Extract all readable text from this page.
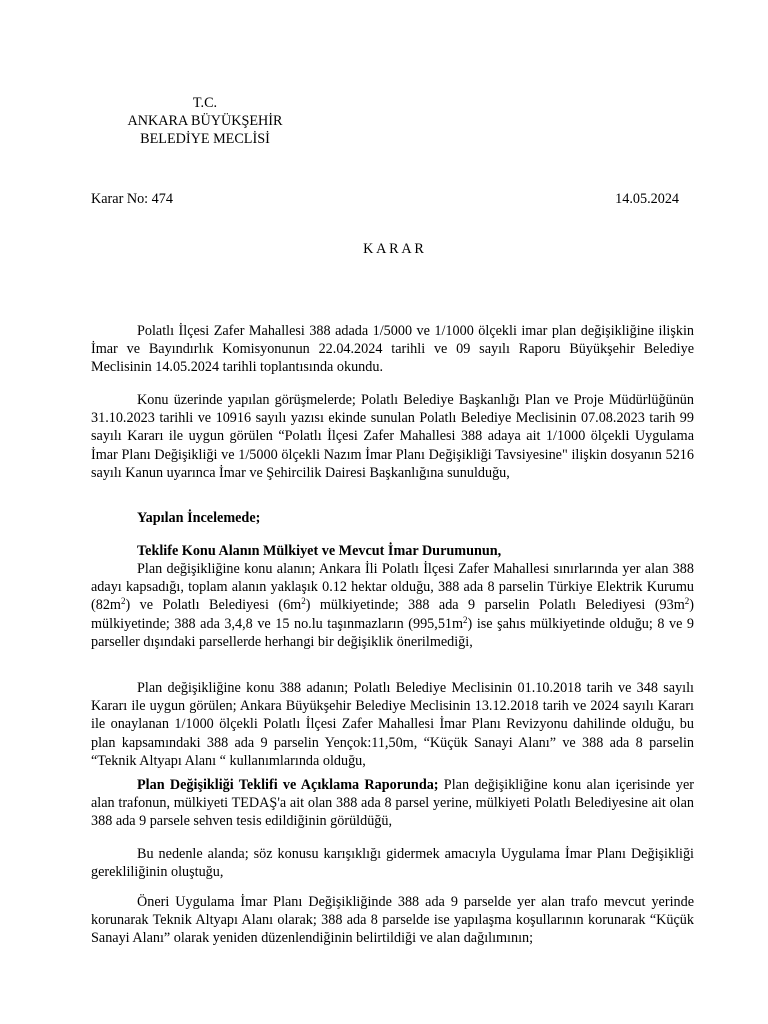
T.C.
ANKARA BÜYÜKŞEHİR
BELEDİYE MECLİSİ
Karar No: 474	14.05.2024
K A R A R
Polatlı İlçesi Zafer Mahallesi 388 adada 1/5000 ve 1/1000 ölçekli imar plan değişikliğine ilişkin İmar ve Bayındırlık Komisyonunun 22.04.2024 tarihli ve 09 sayılı Raporu Büyükşehir Belediye Meclisinin 14.05.2024 tarihli toplantısında okundu.
Konu üzerinde yapılan görüşmelerde; Polatlı Belediye Başkanlığı Plan ve Proje Müdürlüğünün 31.10.2023 tarihli ve 10916 sayılı yazısı ekinde sunulan Polatlı Belediye Meclisinin 07.08.2023 tarih 99 sayılı Kararı ile uygun görülen “Polatlı İlçesi Zafer Mahallesi 388 adaya ait 1/1000 ölçekli Uygulama İmar Planı Değişikliği ve 1/5000 ölçekli Nazım İmar Planı Değişikliği Tavsiyesine" ilişkin dosyanın 5216 sayılı Kanun uyarınca İmar ve Şehircilik Dairesi Başkanlığına sunulduğu,
Yapılan İncelemede;
Teklife Konu Alanın Mülkiyet ve Mevcut İmar Durumunun,
Plan değişikliğine konu alanın; Ankara İli Polatlı İlçesi Zafer Mahallesi sınırlarında yer alan 388 adayı kapsadığı, toplam alanın yaklaşık 0.12 hektar olduğu, 388 ada 8 parselin Türkiye Elektrik Kurumu $(82m^2)$ ve Polatlı Belediyesi $(6m^2)$ mülkiyetinde; 388 ada 9 parselin Polatlı Belediyesi $(93m^2)$ mülkiyetinde; 388 ada 3,4,8 ve 15 no.lu taşınmazların $(995,51m^2)$ ise şahıs mülkiyetinde olduğu; 8 ve 9 parseller dışındaki parsellerde herhangi bir değişiklik önerilmediği,
Plan değişikliğine konu 388 adanın; Polatlı Belediye Meclisinin 01.10.2018 tarih ve 348 sayılı Kararı ile uygun görülen; Ankara Büyükşehir Belediye Meclisinin 13.12.2018 tarih ve 2024 sayılı Kararı ile onaylanan 1/1000 ölçekli Polatlı İlçesi Zafer Mahallesi İmar Planı Revizyonu dahilinde olduğu, bu plan kapsamındaki 388 ada 9 parselin Yençok:11,50m, “Küçük Sanayi Alanı” ve 388 ada 8 parselin “Teknik Altyapı Alanı “ kullanımlarında olduğu,
Plan Değişikliği Teklifi ve Açıklama Raporunda; Plan değişikliğine konu alan içerisinde yer alan trafonun, mülkiyeti TEDAŞ'a ait olan 388 ada 8 parsel yerine, mülkiyeti Polatlı Belediyesine ait olan 388 ada 9 parsele sehven tesis edildiğinin görüldüğü,
Bu nedenle alanda; söz konusu karışıklığı gidermek amacıyla Uygulama İmar Planı Değişikliği gerekliliğinin oluştuğu,
Öneri Uygulama İmar Planı Değişikliğinde 388 ada 9 parselde yer alan trafo mevcut yerinde korunarak Teknik Altyapı Alanı olarak; 388 ada 8 parselde ise yapılaşma koşullarının korunarak “Küçük Sanayi Alanı” olarak yeniden düzenlendiğinin belirtildiği ve alan dağılımının;
